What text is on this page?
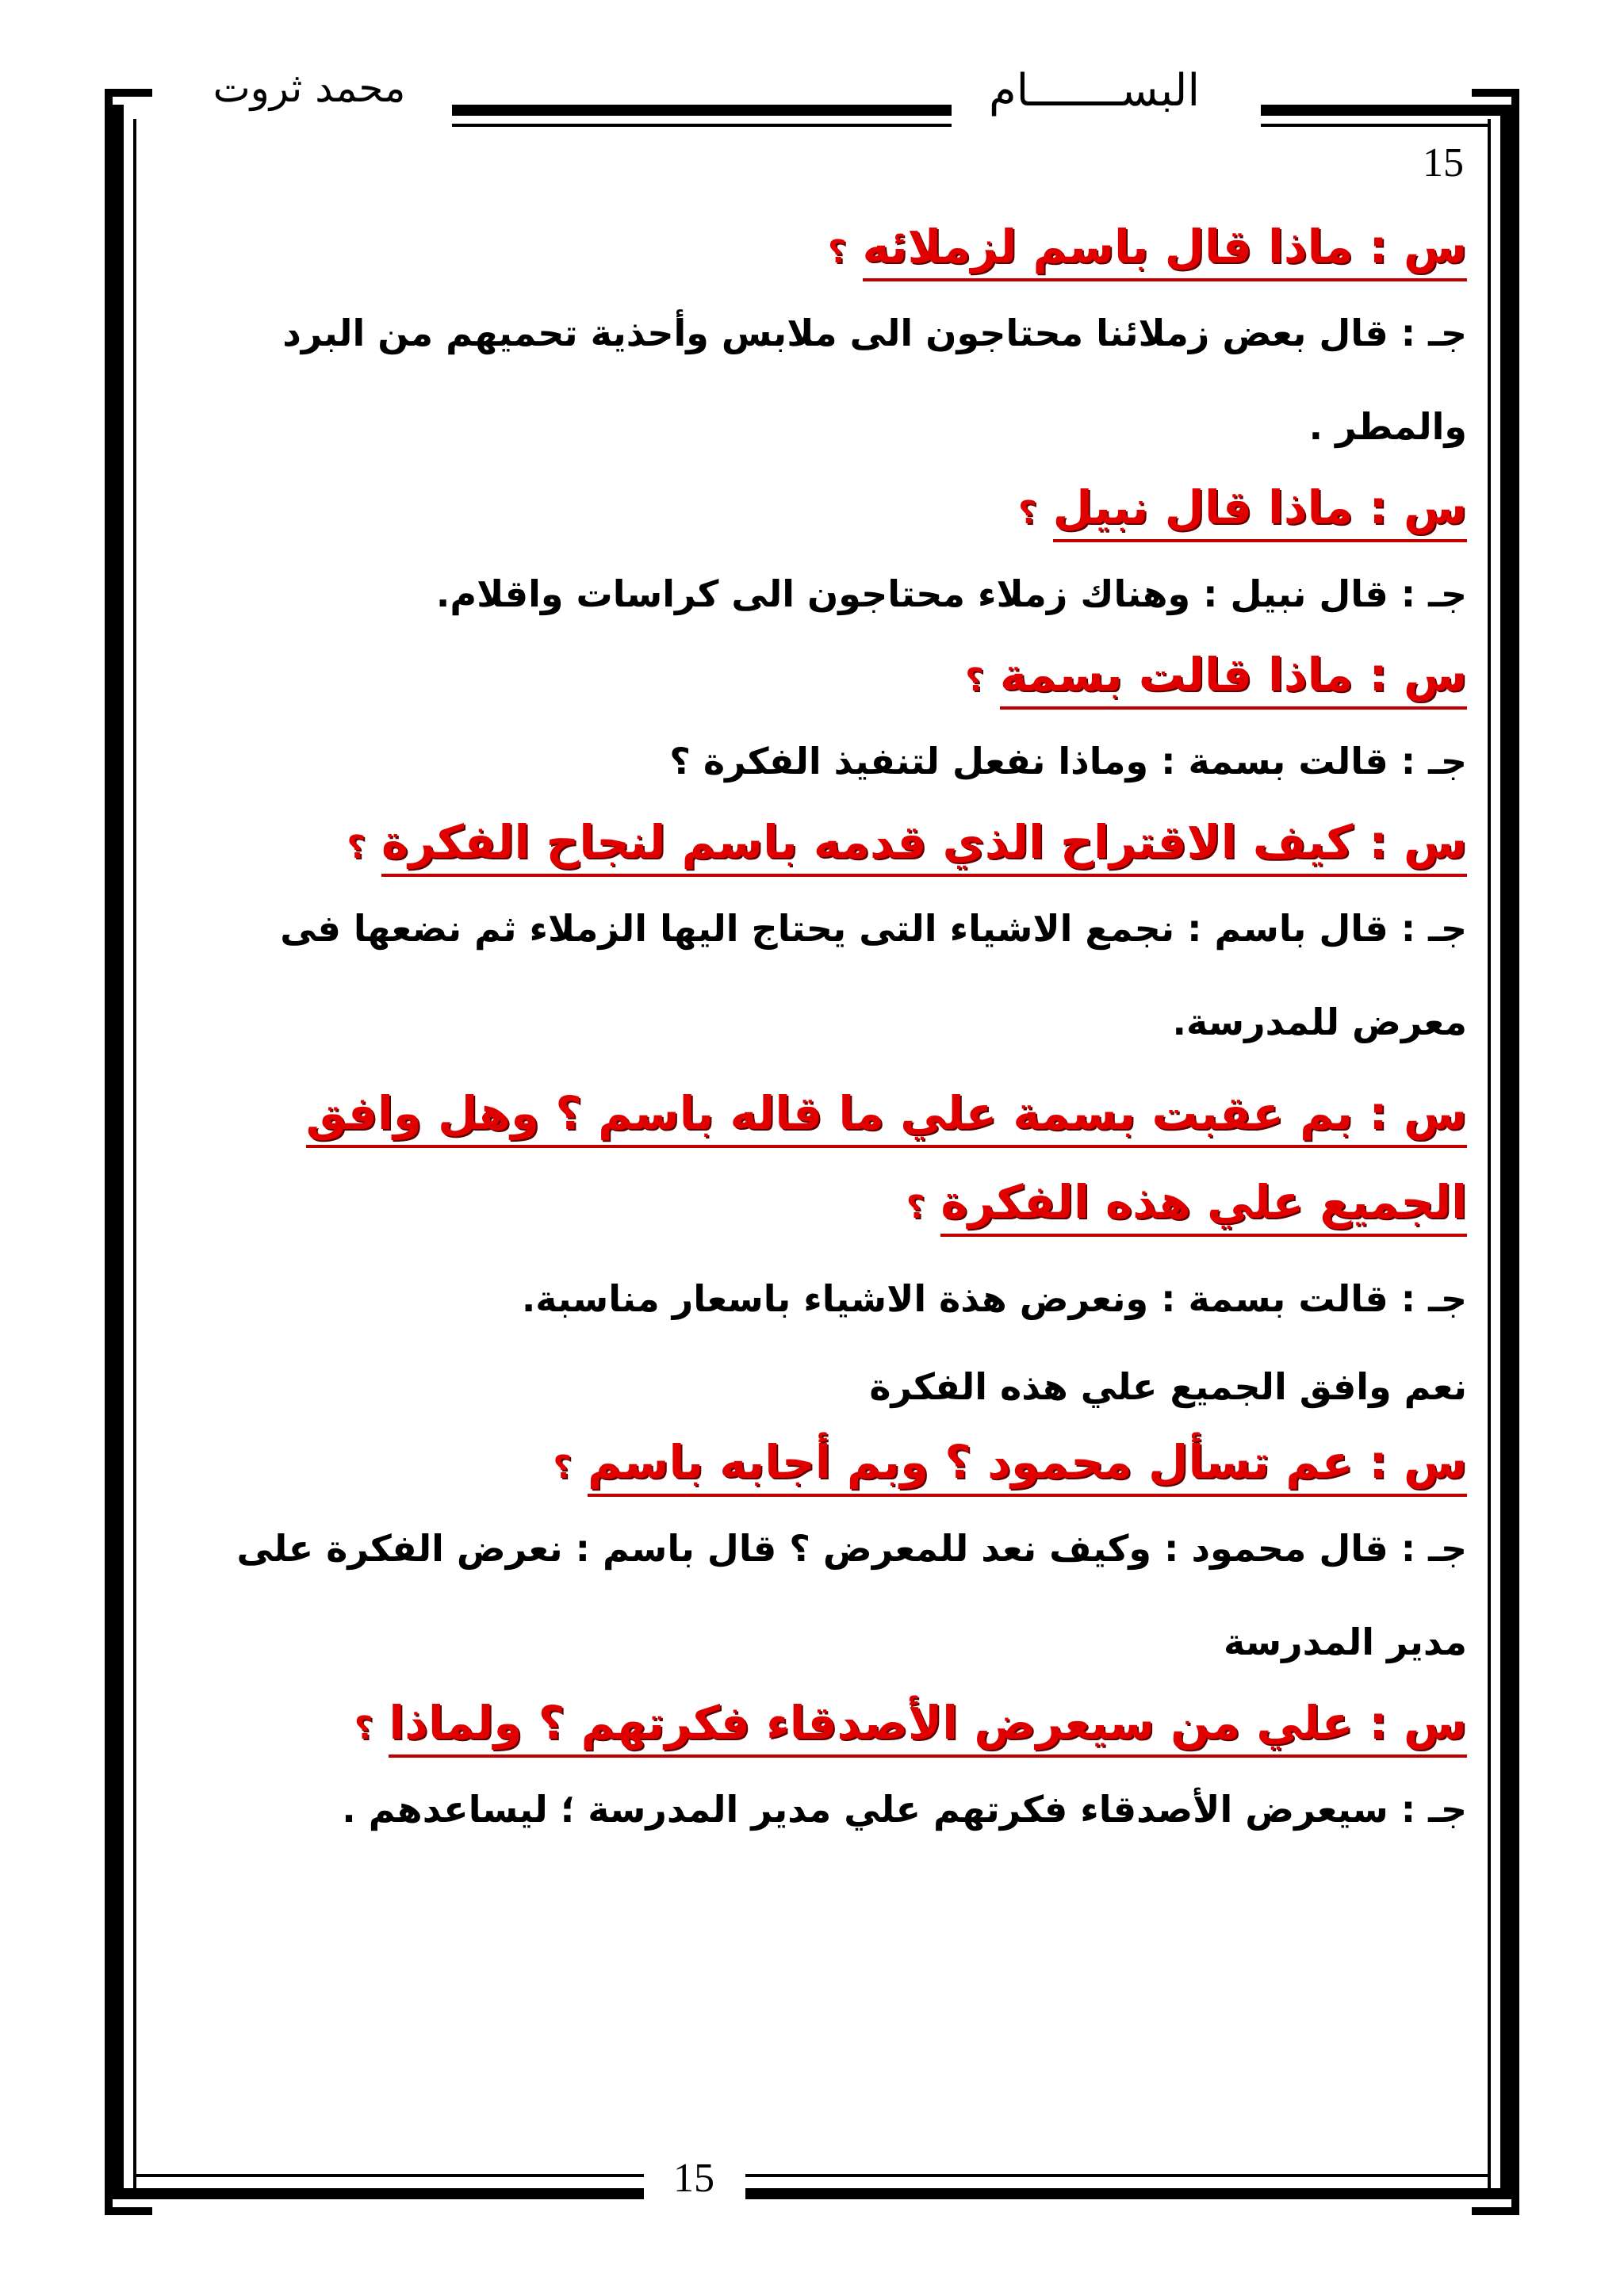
البســـــــام
محمد ثروت
15

س : ماذا قال باسم لزملائه ؟

جـ : قال بعض زملائنا محتاجون الى ملابس وأحذية تحميهم من البرد والمطر .

س : ماذا قال نبيل ؟

جـ : قال نبيل : وهناك زملاء محتاجون الى كراسات واقلام.

س : ماذا قالت بسمة ؟

جـ : قالت بسمة : وماذا نفعل لتنفيذ الفكرة ؟

س : كيف الاقتراح الذي قدمه باسم لنجاح الفكرة ؟

جـ : قال باسم : نجمع الاشياء التى يحتاج اليها الزملاء ثم نضعها فى معرض للمدرسة.

س : بم عقبت بسمة علي ما قاله باسم ؟ وهل وافق الجميع علي هذه الفكرة ؟

جـ : قالت بسمة : ونعرض هذة الاشياء باسعار مناسبة.

نعم وافق الجميع علي هذه الفكرة

س : عم تسأل محمود ؟ وبم أجابه باسم ؟

جـ : قال محمود : وكيف نعد للمعرض ؟ قال باسم : نعرض الفكرة على مدير المدرسة

س : علي من سيعرض الأصدقاء فكرتهم ؟ ولماذا ؟

جـ : سيعرض الأصدقاء فكرتهم علي مدير المدرسة ؛ ليساعدهم .

15
